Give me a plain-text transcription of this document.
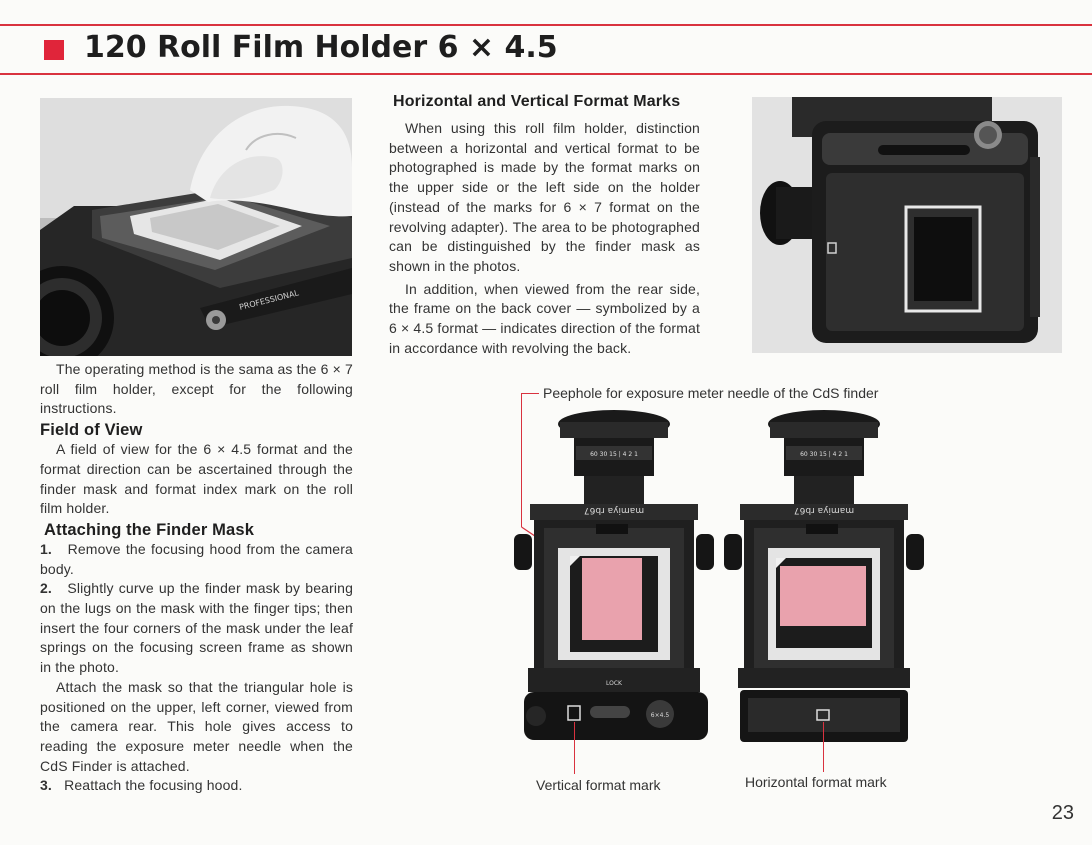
120 Roll Film Holder 6 × 4.5
PROFESSIONAL

The operating method is the sama as the 6 × 7 roll film holder, except for the following instructions.

Field of View

A field of view for the 6 × 4.5 format and the format direction can be ascertained through the finder mask and format index mark on the roll film holder.

Attaching the Finder Mask

1. Remove the focusing hood from the camera body.

2. Slightly curve up the finder mask by bearing on the lugs on the mask with the finger tips; then insert the four corners of the mask under the leaf springs on the focusing screen frame as shown in the photo.

Attach the mask so that the triangular hole is positioned on the upper, left corner, viewed from the camera rear. This hole gives access to reading the exposure meter needle when the CdS Finder is attached.

3. Reattach the focusing hood.

Horizontal and Vertical Format Marks

When using this roll film holder, distinction between a horizontal and vertical format to be photographed is made by the format marks on the upper side or the left side on the holder (instead of the marks for 6 × 7 format on the revolving adapter). The area to be photographed can be distinguished by the finder mask as shown in the photos.

In addition, when viewed from the rear side, the frame on the back cover — symbolized by a 6 × 4.5 format — indicates direction of the format in accordance with revolving the back.

Peephole for exposure meter needle of the CdS finder
60 30 15 | 4 2 1
mamiya rb67
LOCK
6×4.5
60 30 15 | 4 2 1
mamiya rb67
Vertical format mark	Horizontal format mark
23
